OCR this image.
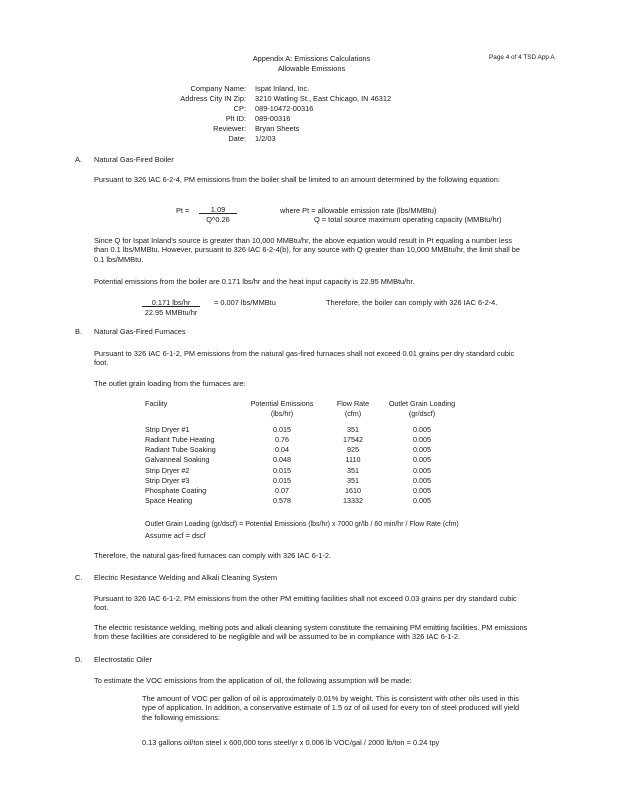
Appendix A: Emissions Calculations
Allowable Emissions
Page 4 of 4 TSD App A
Company Name: Ispat Inland, Inc.
Address City IN Zip: 3210 Watling St., East Chicago, IN 46312
CP: 089-10472-00316
Plt ID: 089-00316
Reviewer: Bryan Sheets
Date: 1/2/03
A. Natural Gas-Fired Boiler
Pursuant to 326 IAC 6-2-4, PM emissions from the boiler shall be limited to an amount determined by the following equation:
Pt =	1.09
Q^0.26
where Pt = allowable emission rate (lbs/MMBtu)
Q = total source maximum operating capacity (MMBtu/hr)
Since Q for Ispat Inland's source is greater than 10,000 MMBtu/hr, the above equation would result in Pt equaling a number less than 0.1 lbs/MMBtu. However, pursuant to 326 IAC 6-2-4(b), for any source with Q greater than 10,000 MMBtu/hr, the limit shall be 0.1 lbs/MMBtu.
Potential emissions from the boiler are 0.171 lbs/hr and the heat input capacity is 22.95 MMBtu/hr.
0.171 lbs/hr
22.95 MMBtu/hr
= 0.007 lbs/MMBtu	Therefore, the boiler can comply with 326 IAC 6-2-4.
B. Natural Gas-Fired Furnaces
Pursuant to 326 IAC 6-1-2, PM emissions from the natural gas-fired furnaces shall not exceed 0.01 grains per dry standard cubic foot.
The outlet grain loading from the furnaces are:
Facility	Potential Emissions	Flow Rate	Outlet Grain Loading
	(lbs/hr)	(cfm)	(gr/dscf)

Strip Dryer #1	0.015	351	0.005
Radiant Tube Heating	0.76	17542	0.005
Radiant Tube Soaking	0.04	925	0.005
Galvanneal Soaking	0.048	1110	0.005
Strip Dryer #2	0.015	351	0.005
Strip Dryer #3	0.015	351	0.005
Phosphate Coating	0.07	1610	0.005
Space Heating	0.578	13332	0.005
Outlet Grain Loading (gr/dscf) = Potential Emissions (lbs/hr) x 7000 gr/lb / 60 min/hr / Flow Rate (cfm)
Assume acf = dscf
Therefore, the natural gas-fired furnaces can comply with 326 IAC 6-1-2.
C. Electric Resistance Welding and Alkali Cleaning System
Pursuant to 326 IAC 6-1-2, PM emissions from the other PM emitting facilities shall not exceed 0.03 grains per dry standard cubic foot.
The electric resistance welding, melting pots and alkali cleaning system constitute the remaining PM emitting facilities. PM emissions from these facilities are considered to be negligible and will be assumed to be in compliance with 326 IAC 6-1-2.
D. Electrostatic Oiler
To estimate the VOC emissions from the application of oil, the following assumption will be made:
The amount of VOC per gallon of oil is approximately 0.01% by weight. This is consistent with other oils used in this type of application. In addition, a conservative estimate of 1.5 oz of oil used for every ton of steel produced will yield the following emissions:
0.13 gallons oil/ton steel x 600,000 tons steel/yr x 0.006 lb VOC/gal / 2000 lb/ton = 0.24 tpy
